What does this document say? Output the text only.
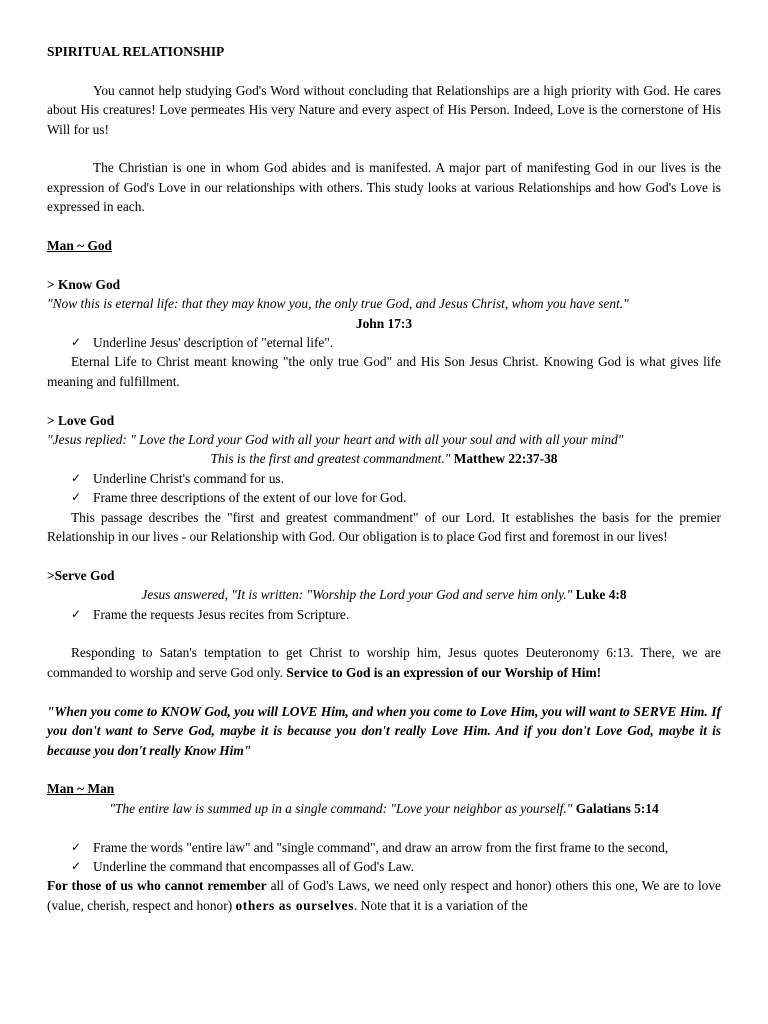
SPIRITUAL RELATIONSHIP

You cannot help studying God's Word without concluding that Relationships are a high priority with God. He cares about His creatures! Love permeates His very Nature and every aspect of His Person. Indeed, Love is the cornerstone of His Will for us!

The Christian is one in whom God abides and is manifested. A major part of manifesting God in our lives is the expression of God's Love in our relationships with others. This study looks at various Relationships and how God's Love is expressed in each.

Man ~ God

> Know God

"Now this is eternal life: that they may know you, the only true God, and Jesus Christ, whom you have sent."

John 17:3

✓ Underline Jesus' description of "eternal life".

Eternal Life to Christ meant knowing "the only true God" and His Son Jesus Christ. Knowing God is what gives life meaning and fulfillment.

> Love God

"Jesus replied: " Love the Lord your God with all your heart and with all your soul and with all your mind"

This is the first and greatest commandment." Matthew 22:37-38

✓ Underline Christ's command for us.
✓ Frame three descriptions of the extent of our love for God.

This passage describes the "first and greatest commandment" of our Lord. It establishes the basis for the premier Relationship in our lives - our Relationship with God. Our obligation is to place God first and foremost in our lives!

>Serve God

Jesus answered, "It is written: "Worship the Lord your God and serve him only." Luke 4:8

✓ Frame the requests Jesus recites from Scripture.

Responding to Satan's temptation to get Christ to worship him, Jesus quotes Deuteronomy 6:13. There, we are commanded to worship and serve God only. Service to God is an expression of our Worship of Him!

"When you come to KNOW God, you will LOVE Him, and when you come to Love Him, you will want to SERVE Him. If you don't want to Serve God, maybe it is because you don't really Love Him. And if you don't Love God, maybe it is because you don't really Know Him"

Man ~ Man

"The entire law is summed up in a single command: "Love your neighbor as yourself." Galatians 5:14

✓ Frame the words "entire law" and "single command", and draw an arrow from the first frame to the second,
✓ Underline the command that encompasses all of God's Law.

For those of us who cannot remember all of God's Laws, we need only respect and honor) others this one, We are to love (value, cherish, respect and honor) others as ourselves. Note that it is a variation of the
